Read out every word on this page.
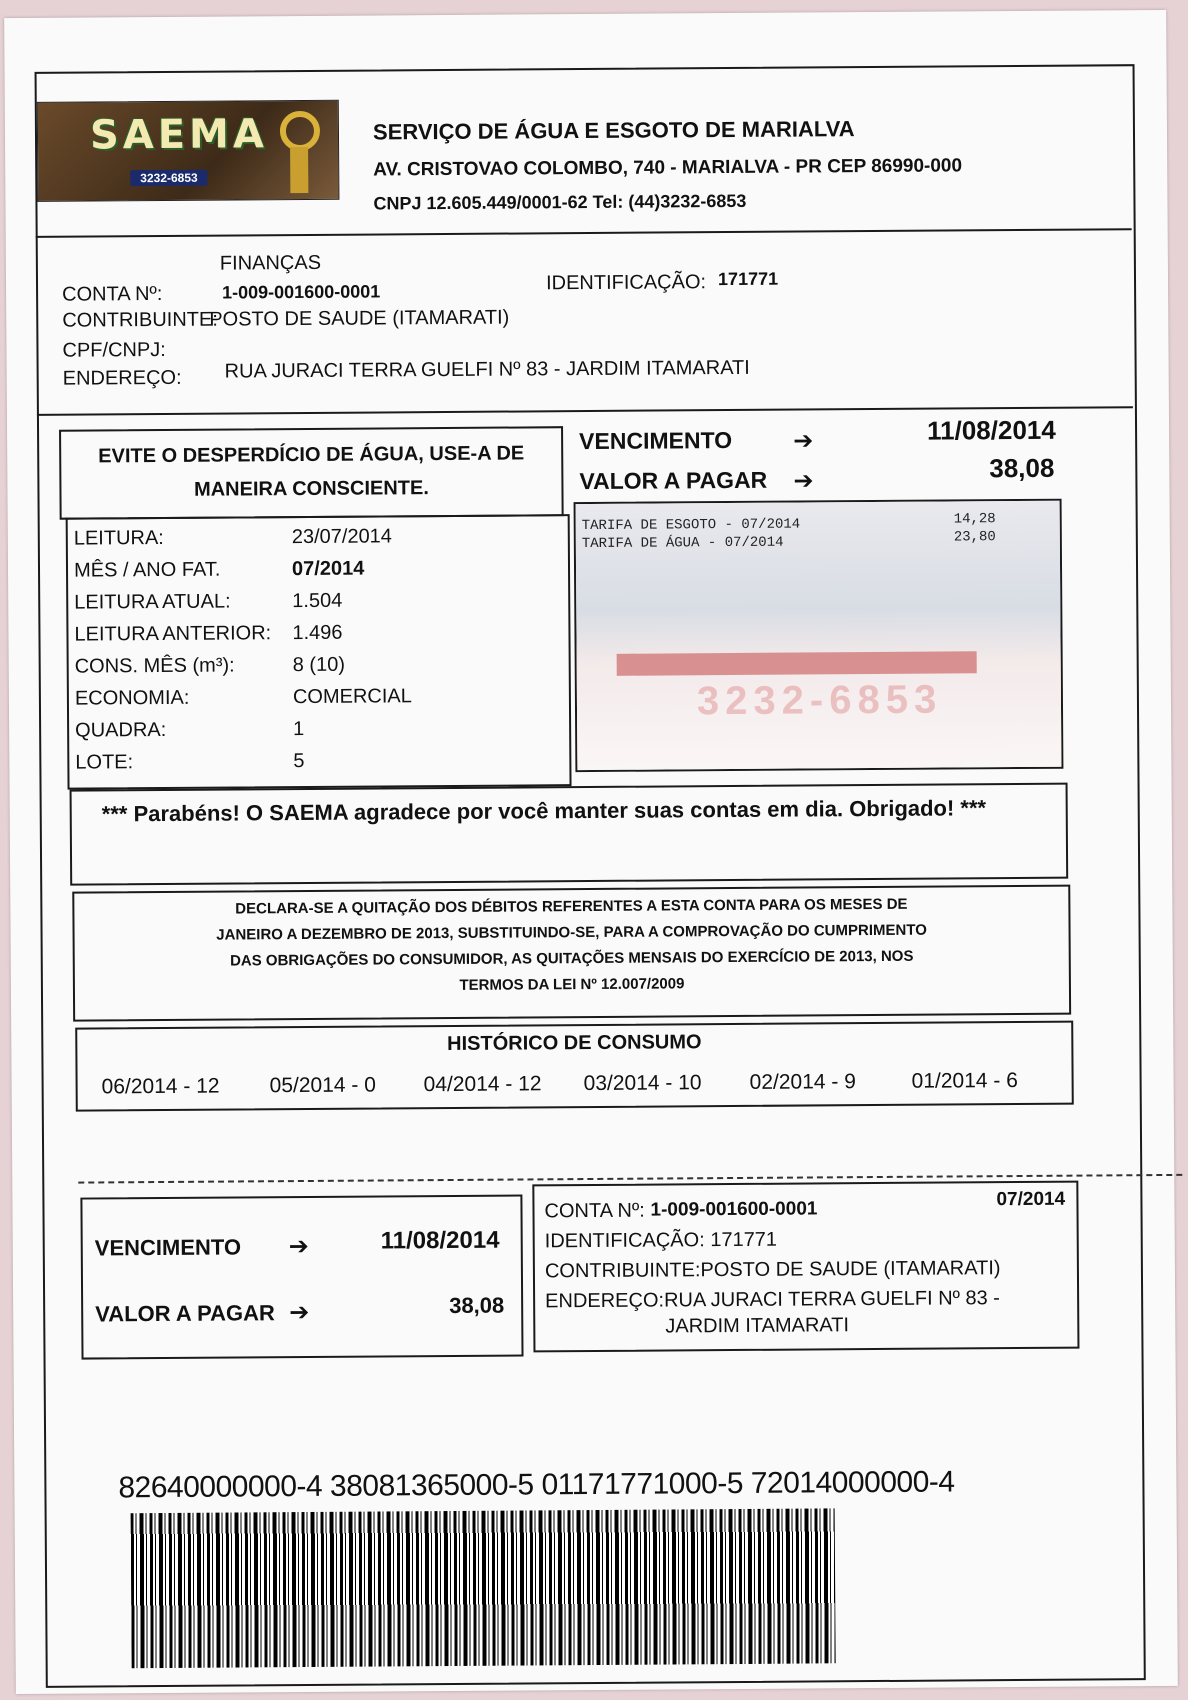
SAEMA
3232-6853
SERVIÇO DE ÁGUA E ESGOTO DE MARIALVA
AV. CRISTOVAO COLOMBO, 740 - MARIALVA - PR CEP 86990-000
CNPJ 12.605.449/0001-62 Tel: (44)3232-6853
FINANÇAS
CONTA Nº:	1-009-001600-0001	IDENTIFICAÇÃO: 171771
CONTRIBUINTE:
POSTO DE SAUDE (ITAMARATI)
CPF/CNPJ:
ENDEREÇO: RUA JURACI TERRA GUELFI Nº 83 - JARDIM ITAMARATI
EVITE O DESPERDÍCIO DE ÁGUA, USE-A DE
MANEIRA CONSCIENTE.
VENCIMENTO	➔	11/08/2014
VALOR A PAGAR ➔	38,08
LEITURA:	23/07/2014
MÊS / ANO FAT.	07/2014
LEITURA ATUAL:	1.504
LEITURA ANTERIOR: 1.496
CONS. MÊS (m³):	8 (10)
ECONOMIA:	COMERCIAL
QUADRA:	1
LOTE:	5
3232-6853
TARIFA DE ESGOTO - 07/2014	14,28
TARIFA DE ÁGUA - 07/2014	23,80
*** Parabéns! O SAEMA agradece por você manter suas contas em dia. Obrigado! ***
DECLARA-SE A QUITAÇÃO DOS DÉBITOS REFERENTES A ESTA CONTA PARA OS MESES DE
JANEIRO A DEZEMBRO DE 2013, SUBSTITUINDO-SE, PARA A COMPROVAÇÃO DO CUMPRIMENTO
DAS OBRIGAÇÕES DO CONSUMIDOR, AS QUITAÇÕES MENSAIS DO EXERCÍCIO DE 2013, NOS
TERMOS DA LEI Nº 12.007/2009
HISTÓRICO DE CONSUMO
06/2014 - 12 05/2014 - 0 04/2014 - 12 03/2014 - 10 02/2014 - 9	01/2014 - 6
VENCIMENTO ➔	11/08/2014
VALOR A PAGAR ➔	38,08
CONTA Nº: 1-009-001600-0001	07/2014
IDENTIFICAÇÃO: 171771
CONTRIBUINTE:POSTO DE SAUDE (ITAMARATI)
ENDEREÇO:RUA JURACI TERRA GUELFI Nº 83 -
JARDIM ITAMARATI
82640000000-4 38081365000-5 01171771000-5 72014000000-4
